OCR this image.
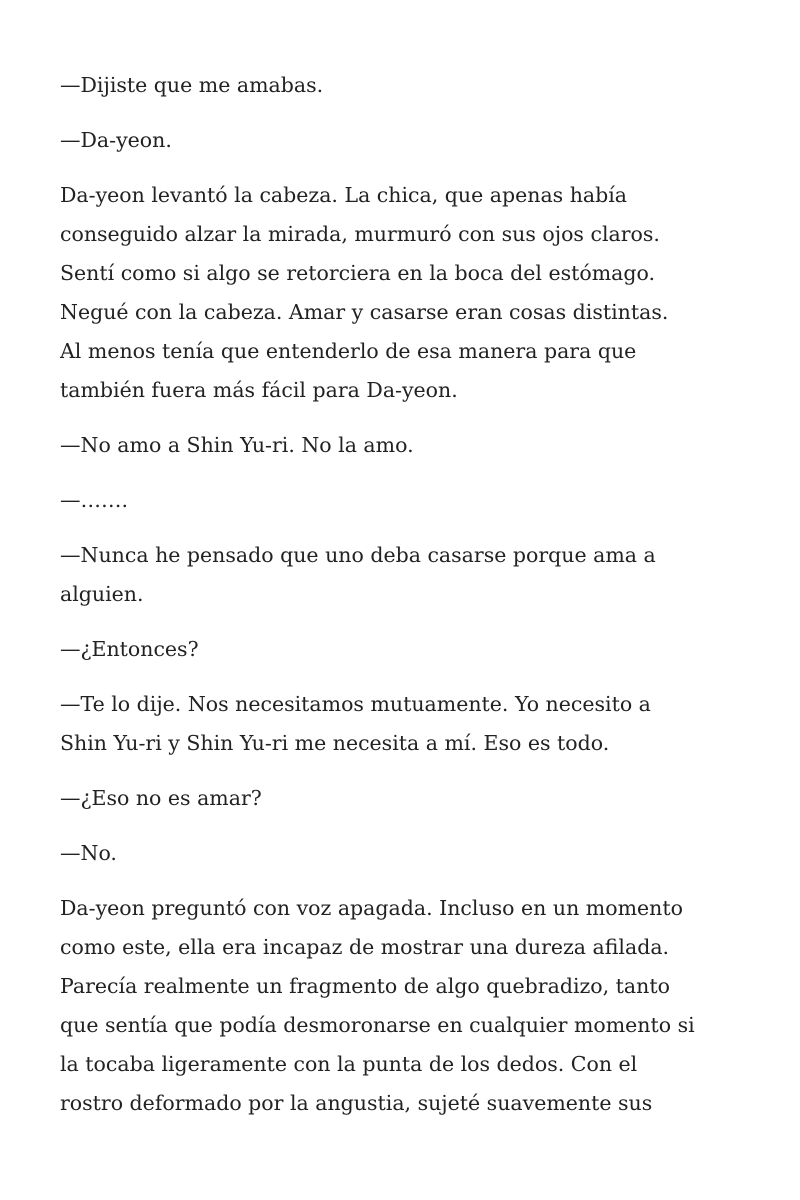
—Dijiste que me amabas.

—Da-yeon.

Da-yeon levantó la cabeza. La chica, que apenas había
conseguido alzar la mirada, murmuró con sus ojos claros.
Sentí como si algo se retorciera en la boca del estómago.
Negué con la cabeza. Amar y casarse eran cosas distintas.
Al menos tenía que entenderlo de esa manera para que
también fuera más fácil para Da-yeon.

—No amo a Shin Yu-ri. No la amo.

—…….

—Nunca he pensado que uno deba casarse porque ama a
alguien.

—¿Entonces?

—Te lo dije. Nos necesitamos mutuamente. Yo necesito a
Shin Yu-ri y Shin Yu-ri me necesita a mí. Eso es todo.

—¿Eso no es amar?

—No.

Da-yeon preguntó con voz apagada. Incluso en un momento
como este, ella era incapaz de mostrar una dureza afilada.
Parecía realmente un fragmento de algo quebradizo, tanto
que sentía que podía desmoronarse en cualquier momento si
la tocaba ligeramente con la punta de los dedos. Con el
rostro deformado por la angustia, sujeté suavemente sus
